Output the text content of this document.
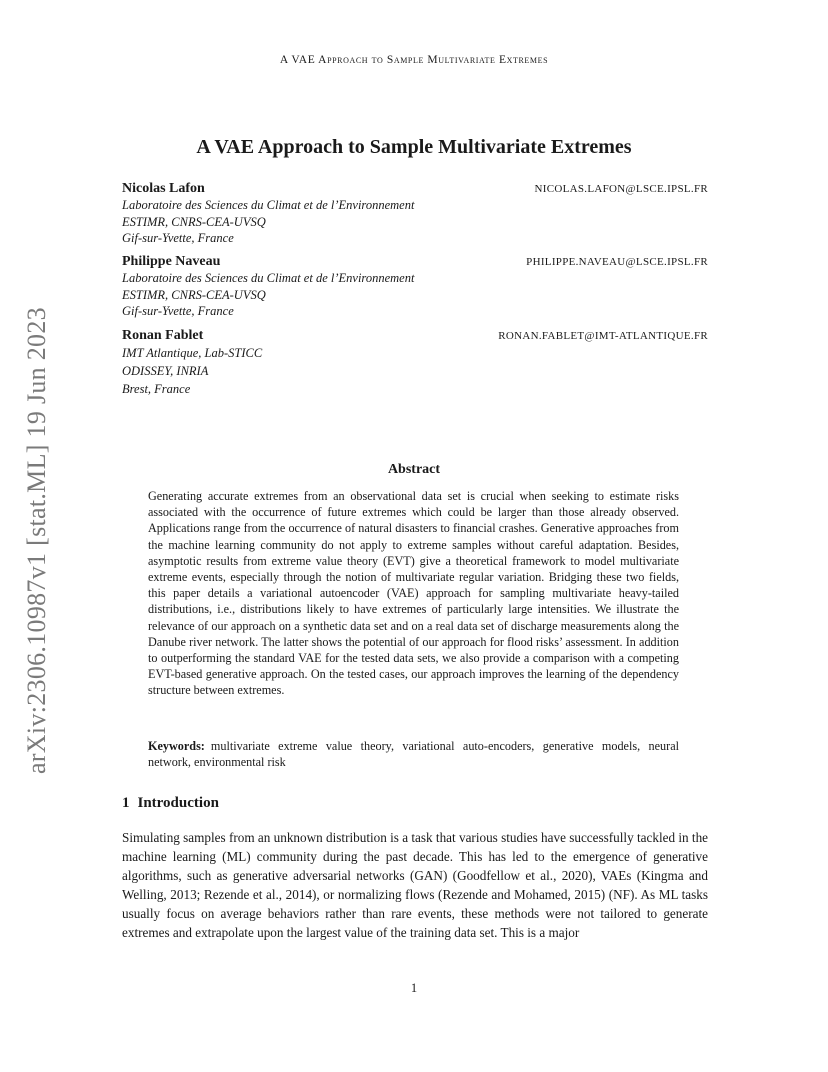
A VAE Approach to Sample Multivariate Extremes
A VAE Approach to Sample Multivariate Extremes
Nicolas Lafon	NICOLAS.LAFON@LSCE.IPSL.FR
Laboratoire des Sciences du Climat et de l’Environnement
ESTIMR, CNRS-CEA-UVSQ
Gif-sur-Yvette, France
Philippe Naveau	PHILIPPE.NAVEAU@LSCE.IPSL.FR
Laboratoire des Sciences du Climat et de l’Environnement
ESTIMR, CNRS-CEA-UVSQ
Gif-sur-Yvette, France
Ronan Fablet	RONAN.FABLET@IMT-ATLANTIQUE.FR
IMT Atlantique, Lab-STICC
ODISSEY, INRIA
Brest, France
arXiv:2306.10987v1 [stat.ML] 19 Jun 2023	Abstract
Generating accurate extremes from an observational data set is crucial when seeking to estimate risks associated with the occurrence of future extremes which could be larger than those already observed. Applications range from the occurrence of natural disasters to financial crashes. Generative approaches from the machine learning community do not apply to extreme samples without careful adaptation. Besides, asymptotic results from extreme value theory (EVT) give a theoretical framework to model multivariate extreme events, especially through the notion of multivariate regular variation. Bridging these two fields, this paper details a variational autoencoder (VAE) approach for sampling multivariate heavy-tailed distributions, i.e., distributions likely to have extremes of particularly large intensities. We illustrate the relevance of our approach on a synthetic data set and on a real data set of discharge measurements along the Danube river network. The latter shows the potential of our approach for flood risks’ assessment. In addition to outperforming the standard VAE for the tested data sets, we also provide a comparison with a competing EVT-based generative approach. On the tested cases, our approach improves the learning of the dependency structure between extremes.
Keywords: multivariate extreme value theory, variational auto-encoders, generative models, neural network, environmental risk
1 Introduction
Simulating samples from an unknown distribution is a task that various studies have successfully tackled in the machine learning (ML) community during the past decade. This has led to the emergence of generative algorithms, such as generative adversarial networks (GAN) (Goodfellow et al., 2020), VAEs (Kingma and Welling, 2013; Rezende et al., 2014), or normalizing flows (Rezende and Mohamed, 2015) (NF). As ML tasks usually focus on average behaviors rather than rare events, these methods were not tailored to generate extremes and extrapolate upon the largest value of the training data set. This is a major
1
